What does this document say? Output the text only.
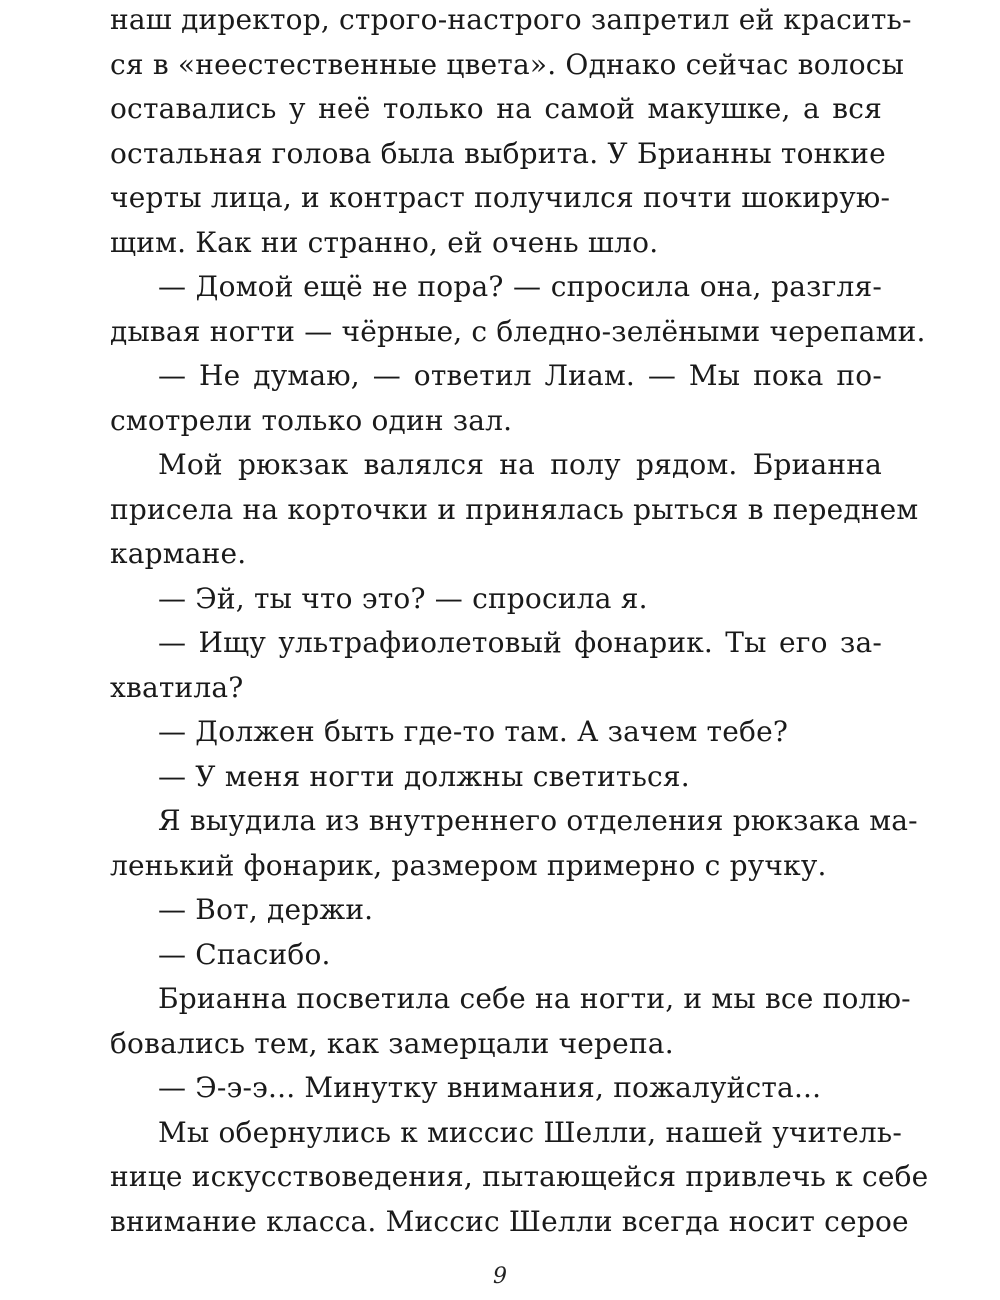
наш директор, строго-настрого запретил ей красить-
ся в «неестественные цвета». Однако сейчас волосы
оставались у неё только на самой макушке, а вся
остальная голова была выбрита. У Брианны тонкие
черты лица, и контраст получился почти шокирую-
щим. Как ни странно, ей очень шло.
— Домой ещё не пора? — спросила она, разгля-
дывая ногти — чёрные, с бледно-зелёными черепами.
— Не думаю, — ответил Лиам. — Мы пока по-
смотрели только один зал.
Мой рюкзак валялся на полу рядом. Брианна
присела на корточки и принялась рыться в переднем
кармане.
— Эй, ты что это? — спросила я.
— Ищу ультрафиолетовый фонарик. Ты его за-
хватила?
— Должен быть где-то там. А зачем тебе?
— У меня ногти должны светиться.
Я выудила из внутреннего отделения рюкзака ма-
ленький фонарик, размером примерно с ручку.
— Вот, держи.
— Спасибо.
Брианна посветила себе на ногти, и мы все полю-
бовались тем, как замерцали черепа.
— Э-э-э... Минутку внимания, пожалуйста...
Мы обернулись к миссис Шелли, нашей учитель-
нице искусствоведения, пытающейся привлечь к себе
внимание класса. Миссис Шелли всегда носит серое
9
